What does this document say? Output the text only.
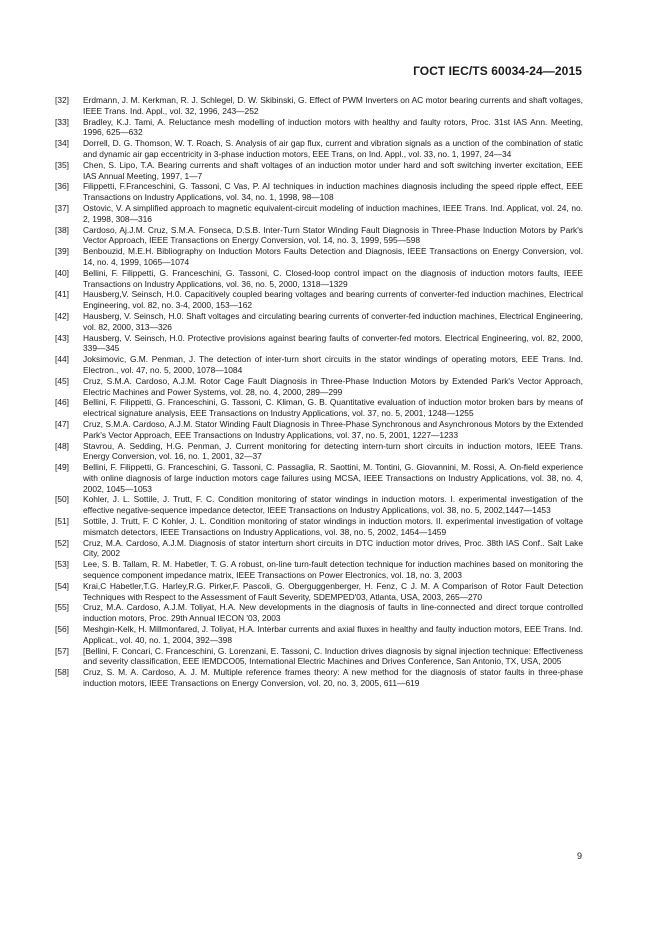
ГОСТ IEC/TS 60034-24—2015
[32]	Erdmann, J. M. Kerkman, R. J. Schlegel, D. W. Skibinski, G. Effect of PWM Inverters on AC motor bearing currents and shaft voltages, IEEE Trans. Ind. Appl., vol. 32, 1996, 243—252
[33]	Bradley, K.J. Tami, A. Reluctance mesh modelling of induction motors with healthy and faulty rotors, Proc. 31st IAS Ann. Meeting, 1996, 625—632
[34]	Dorrell, D. G. Thomson, W. T. Roach, S. Analysis of air gap flux, current and vibration signals as a unction of the combination of static and dynamic air gap eccentricity in 3-phase induction motors, EEE Trans, on Ind. Appl., vol. 33, no. 1, 1997, 24—34
[35]	Chen, S. Lipo, T.A. Bearing currents and shaft voltages of an induction motor under hard and soft switching inverter excitation, EEE IAS Annual Meeting, 1997, 1—7
[36]	Filippetti, F.Franceschini, G. Tassoni, C Vas, P. AI techniques in induction machines diagnosis including the speed ripple effect, EEE Transactions on Industry Applications, vol. 34, no. 1, 1998, 98—108
[37]	Ostovic, V. A simplified approach to magnetic equivalent-circuit modeling of induction machines, IEEE Trans. Ind. Applicat, vol. 24, no. 2, 1998, 308—316
[38]	Cardoso, Aj.J.M. Cruz, S.M.A. Fonseca, D.S.B. Inter-Turn Stator Winding Fault Diagnosis in Three-Phase Induction Motors by Park's Vector Approach, IEEE Transactions on Energy Conversion, vol. 14, no. 3, 1999, 595—598
[39]	Benbouzid, M.E.H. Bibliography on Induction Motors Faults Detection and Diagnosis, IEEE Transactions on Energy Conversion, vol. 14, no. 4, 1999, 1065—1074
[40]	Bellini, F. Filippetti, G. Franceschini, G. Tassoni, C. Closed-loop control impact on the diagnosis of induction motors faults, IEEE Transactions on Industry Applications, vol. 36, no. 5, 2000, 1318—1329
[41]	Hausberg,V. Seinsch, H.0. Capacitively coupled bearing voltages and bearing currents of converter-fed induction machines, Electrical Engineering, vol. 82, no. 3-4, 2000, 153—162
[42]	Hausberg, V. Seinsch, H.0. Shaft voltages and circulating bearing currents of converter-fed induction machines, Electrical Engineering, vol. 82, 2000, 313—326
[43]	Hausberg, V. Seinsch, H.0. Protective provisions against bearing faults of converter-fed motors. Electrical Engineering, vol. 82, 2000, 339—345
[44]	Joksimovic, G.M. Penman, J. The detection of inter-turn short circuits in the stator windings of operating motors, EEE Trans. Ind. Electron., vol. 47, no. 5, 2000, 1078—1084
[45]	Cruz, S.M.A. Cardoso, A.J.M. Rotor Cage Fault Diagnosis in Three-Phase Induction Motors by Extended Park's Vector Approach, Electric Machines and Power Systems, vol. 28, no. 4, 2000, 289—299
[46]	Bellini, F. Filippetti, G. Franceschini, G. Tassoni, C. Kliman, G. B. Quantitative evaluation of induction motor broken bars by means of electrical signature analysis, EEE Transactions on Industry Applications, vol. 37, no. 5, 2001, 1248—1255
[47]	Cruz, S.M.A. Cardoso, A.J.M. Stator Winding Fault Diagnosis in Three-Phase Synchronous and Asynchronous Motors by the Extended Park's Vector Approach, EEE Transactions on Industry Applications, vol. 37, no. 5, 2001, 1227—1233
[48]	Stavrou, A. Sedding, H.G. Penman, J. Current monitoring for detecting intern-turn short circuits in induction motors, IEEE Trans. Energy Conversion, vol. 16, no. 1, 2001, 32—37
[49]	Bellini, F. Filippetti, G. Franceschini, G. Tassoni, C. Passaglia, R. Saottini, M. Tontini, G. Giovannini, M. Rossi, A. On-field experience with online diagnosis of large induction motors cage failures using MCSA, IEEE Transactions on Industry Applications, vol. 38, no. 4, 2002, 1045—1053
[50]	Kohler, J. L. Sottile, J. Trutt, F. C. Condition monitoring of stator windings in induction motors. I. experimental investigation of the effective negative-sequence impedance detector, IEEE Transactions on Industry Applications, vol. 38, no. 5, 2002,1447—1453
[51]	Sottile, J. Trutt, F. C Kohler, J. L. Condition monitoring of stator windings in induction motors. II. experimental investigation of voltage mismatch detectors, IEEE Transactions on Industry Applications, vol. 38, no. 5, 2002, 1454—1459
[52]	Cruz, M.A. Cardoso, A.J.M. Diagnosis of stator interturn short circuits in DTC induction motor drives, Proc. 38th IAS Conf.. Salt Lake City, 2002
[53]	Lee, S. B. Tallam, R. M. Habetler, T. G. A robust, on-line turn-fault detection technique for induction machines based on monitoring the sequence component impedance matrix, IEEE Transactions on Power Electronics, vol. 18, no. 3, 2003
[54]	Krai,C Habetler,T.G. Harley,R.G. Pirker,F. Pascoli, G. Oberguggenberger, H. Fenz, C J. M. A Comparison of Rotor Fault Detection Techniques with Respect to the Assessment of Fault Severity, SDEMPED'03, Atlanta, USA, 2003, 265—270
[55]	Cruz, M.A. Cardoso, A.J.M. Toliyat, H.A. New developments in the diagnosis of faults in line-connected and direct torque controlled induction motors, Proc. 29th Annual IECON '03, 2003
[56]	Meshgin-Kelk, H. Millmonfared, J. Toliyat, H.A. Interbar currents and axial fluxes in healthy and faulty induction motors, EEE Trans. Ind. Applicat., vol. 40, no. 1, 2004, 392—398
[57]	[Bellini, F. Concari, C. Franceschini, G. Lorenzani, E. Tassoni, C. Induction drives diagnosis by signal injection technique: Effectiveness and severity classification, EEE IEMDCO05, International Electric Machines and Drives Conference, San Antonio, TX, USA, 2005
[58]	Cruz, S. M. A. Cardoso, A. J. M. Multiple reference frames theory: A new method for the diagnosis of stator faults in three-phase induction motors, IEEE Transactions on Energy Conversion, vol. 20, no. 3, 2005, 611—619
9
